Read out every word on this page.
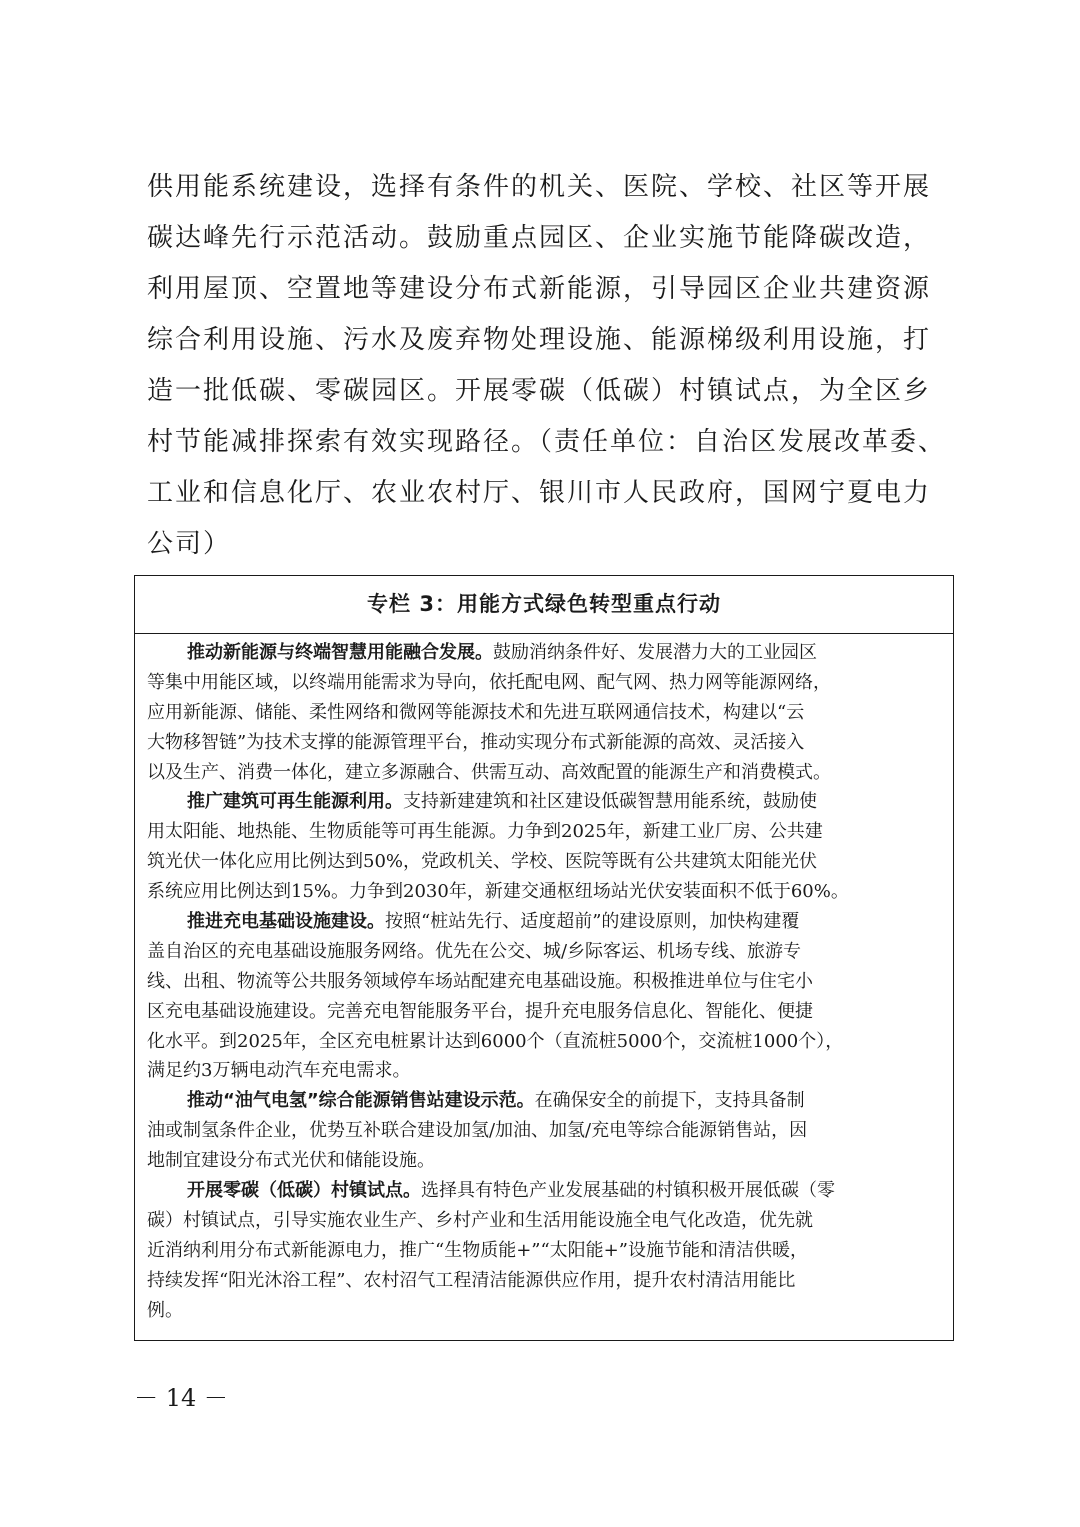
供用能系统建设，选择有条件的机关、医院、学校、社区等开展
碳达峰先行示范活动。鼓励重点园区、企业实施节能降碳改造，
利用屋顶、空置地等建设分布式新能源，引导园区企业共建资源
综合利用设施、污水及废弃物处理设施、能源梯级利用设施，打
造一批低碳、零碳园区。开展零碳（低碳）村镇试点，为全区乡
村节能减排探索有效实现路径。（责任单位：自治区发展改革委、
工业和信息化厅、农业农村厅、银川市人民政府，国网宁夏电力
公司）
专栏 3：用能方式绿色转型重点行动
推动新能源与终端智慧用能融合发展。鼓励消纳条件好、发展潜力大的工业园区
等集中用能区域，以终端用能需求为导向，依托配电网、配气网、热力网等能源网络，
应用新能源、储能、柔性网络和微网等能源技术和先进互联网通信技术，构建以“云
大物移智链”为技术支撑的能源管理平台，推动实现分布式新能源的高效、灵活接入
以及生产、消费一体化，建立多源融合、供需互动、高效配置的能源生产和消费模式。
推广建筑可再生能源利用。支持新建建筑和社区建设低碳智慧用能系统，鼓励使
用太阳能、地热能、生物质能等可再生能源。力争到2025年，新建工业厂房、公共建
筑光伏一体化应用比例达到50%，党政机关、学校、医院等既有公共建筑太阳能光伏
系统应用比例达到15%。力争到2030年，新建交通枢纽场站光伏安装面积不低于60%。
推进充电基础设施建设。按照“桩站先行、适度超前”的建设原则，加快构建覆
盖自治区的充电基础设施服务网络。优先在公交、城/乡际客运、机场专线、旅游专
线、出租、物流等公共服务领域停车场站配建充电基础设施。积极推进单位与住宅小
区充电基础设施建设。完善充电智能服务平台，提升充电服务信息化、智能化、便捷
化水平。到2025年，全区充电桩累计达到6000个（直流桩5000个，交流桩1000个），
满足约3万辆电动汽车充电需求。
推动“油气电氢”综合能源销售站建设示范。在确保安全的前提下，支持具备制
油或制氢条件企业，优势互补联合建设加氢/加油、加氢/充电等综合能源销售站，因
地制宜建设分布式光伏和储能设施。
开展零碳（低碳）村镇试点。选择具有特色产业发展基础的村镇积极开展低碳（零
碳）村镇试点，引导实施农业生产、乡村产业和生活用能设施全电气化改造，优先就
近消纳利用分布式新能源电力，推广“生物质能+”“太阳能+”设施节能和清洁供暖，
持续发挥“阳光沐浴工程”、农村沼气工程清洁能源供应作用，提升农村清洁用能比
例。
－ 14 －
